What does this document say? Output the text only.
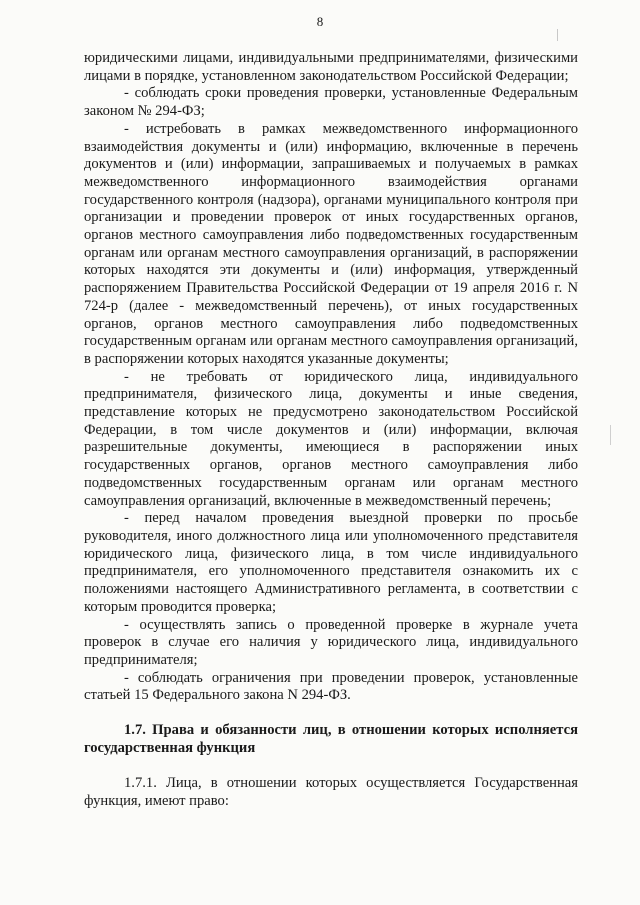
8

юридическими лицами, индивидуальными предпринимателями, физическими лицами в порядке, установленном законодательством Российской Федерации;

- соблюдать сроки проведения проверки, установленные Федеральным законом № 294-ФЗ;

- истребовать в рамках межведомственного информационного взаимодействия документы и (или) информацию, включенные в перечень документов и (или) информации, запрашиваемых и получаемых в рамках межведомственного информационного взаимодействия органами государственного контроля (надзора), органами муниципального контроля при организации и проведении проверок от иных государственных органов, органов местного самоуправления либо подведомственных государственным органам или органам местного самоуправления организаций, в распоряжении которых находятся эти документы и (или) информация, утвержденный распоряжением Правительства Российской Федерации от 19 апреля 2016 г. N 724-р (далее - межведомственный перечень), от иных государственных органов, органов местного самоуправления либо подведомственных государственным органам или органам местного самоуправления организаций, в распоряжении которых находятся указанные документы;

- не требовать от юридического лица, индивидуального предпринимателя, физического лица, документы и иные сведения, представление которых не предусмотрено законодательством Российской Федерации, в том числе документов и (или) информации, включая разрешительные документы, имеющиеся в распоряжении иных государственных органов, органов местного самоуправления либо подведомственных государственным органам или органам местного самоуправления организаций, включенные в межведомственный перечень;

- перед началом проведения выездной проверки по просьбе руководителя, иного должностного лица или уполномоченного представителя юридического лица, физического лица, в том числе индивидуального предпринимателя, его уполномоченного представителя ознакомить их с положениями настоящего Административного регламента, в соответствии с которым проводится проверка;

- осуществлять запись о проведенной проверке в журнале учета проверок в случае его наличия у юридического лица, индивидуального предпринимателя;

- соблюдать ограничения при проведении проверок, установленные статьей 15 Федерального закона N 294-ФЗ.

1.7. Права и обязанности лиц, в отношении которых исполняется государственная функция

1.7.1. Лица, в отношении которых осуществляется Государственная функция, имеют право:
